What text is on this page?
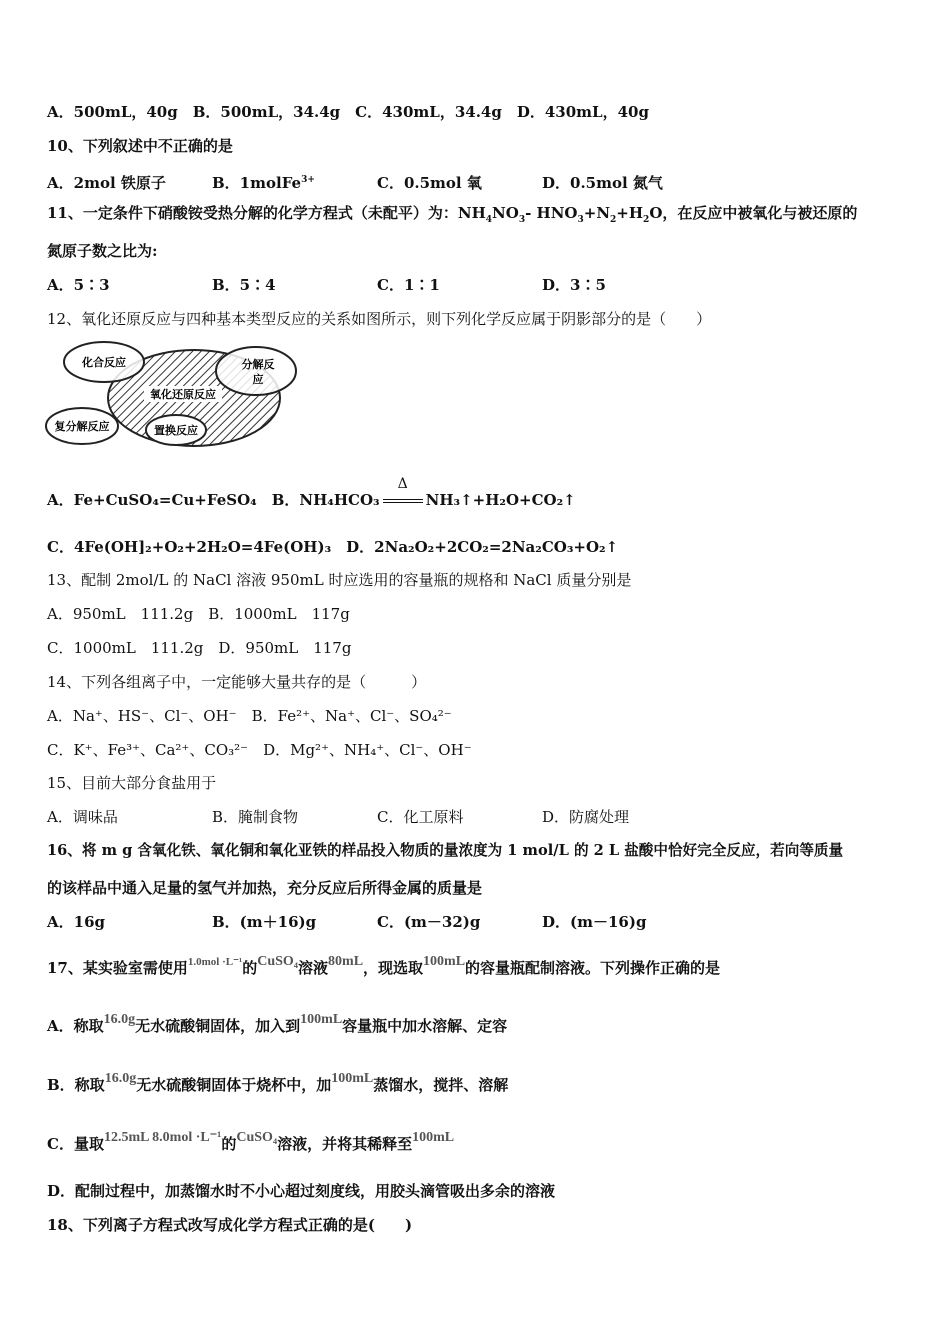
A．500mL，40g　B．500mL，34.4g　C．430mL，34.4g　D．430mL，40g
10、下列叙述中不正确的是
A．2mol 铁原子	B．1molFe$^{3+}$	C．0.5mol 氧	D．0.5mol 氮气
11、一定条件下硝酸铵受热分解的化学方程式（未配平）为：$NH_4NO_3-$ $HNO_3+N_2+H_2O$，在反应中被氧化与被还原的
氮原子数之比为:
A．5∶3	B．5∶4	C．1∶1	D．3∶5
12、氧化还原反应与四种基本类型反应的关系如图所示，则下列化学反应属于阴影部分的是（　　）
化合反应	分解反
应
氧化还原反应
复分解反应	置换反应
A．Fe+CuSO₄=Cu+FeSO₄　 B．NH₄HCO₃
Δ
NH₃↑+H₂O+CO₂↑
C．4Fe(OH]₂+O₂+2H₂O=4Fe(OH)₃　 D．2Na₂O₂+2CO₂=2Na₂CO₃+O₂↑
13、配制 2mol/L 的 NaCl 溶液 950mL 时应选用的容量瓶的规格和 NaCl 质量分别是
A．950mL　111.2g　B．1000mL　117g
C．1000mL　111.2g　D．950mL　117g
14、下列各组离子中，一定能够大量共存的是（　　　）
A．Na⁺、HS⁻、Cl⁻、OH⁻　B．Fe²⁺、Na⁺、Cl⁻、SO₄²⁻
C．K⁺、Fe³⁺、Ca²⁺、CO₃²⁻　D．Mg²⁺、NH₄⁺、Cl⁻、OH⁻
15、目前大部分食盐用于
A．调味品	B．腌制食物	C．化工原料	D．防腐处理
16、将 m g 含氧化铁、氧化铜和氧化亚铁的样品投入物质的量浓度为 1 mol/L 的 2 L 盐酸中恰好完全反应，若向等质量
的该样品中通入足量的氢气并加热，充分反应后所得金属的质量是
A．16g	B．(m＋16)g	C．(m－32)g	D．(m－16)g
17、某实验室需使用$^{1.0mol \cdot L^{-1}}$的CuSO₄溶液80mL，现选取100mL的容量瓶配制溶液。下列操作正确的是
A．称取16.0g无水硫酸铜固体，加入到100mL容量瓶中加水溶解、定容
B．称取16.0g无水硫酸铜固体于烧杯中，加100mL蒸馏水，搅拌、溶解
C．量取12.5mL 8.0mol ·L⁻¹的CuSO₄溶液，并将其稀释至100mL
D．配制过程中，加蒸馏水时不小心超过刻度线，用胶头滴管吸出多余的溶液
18、下列离子方程式改写成化学方程式正确的是(　　)
